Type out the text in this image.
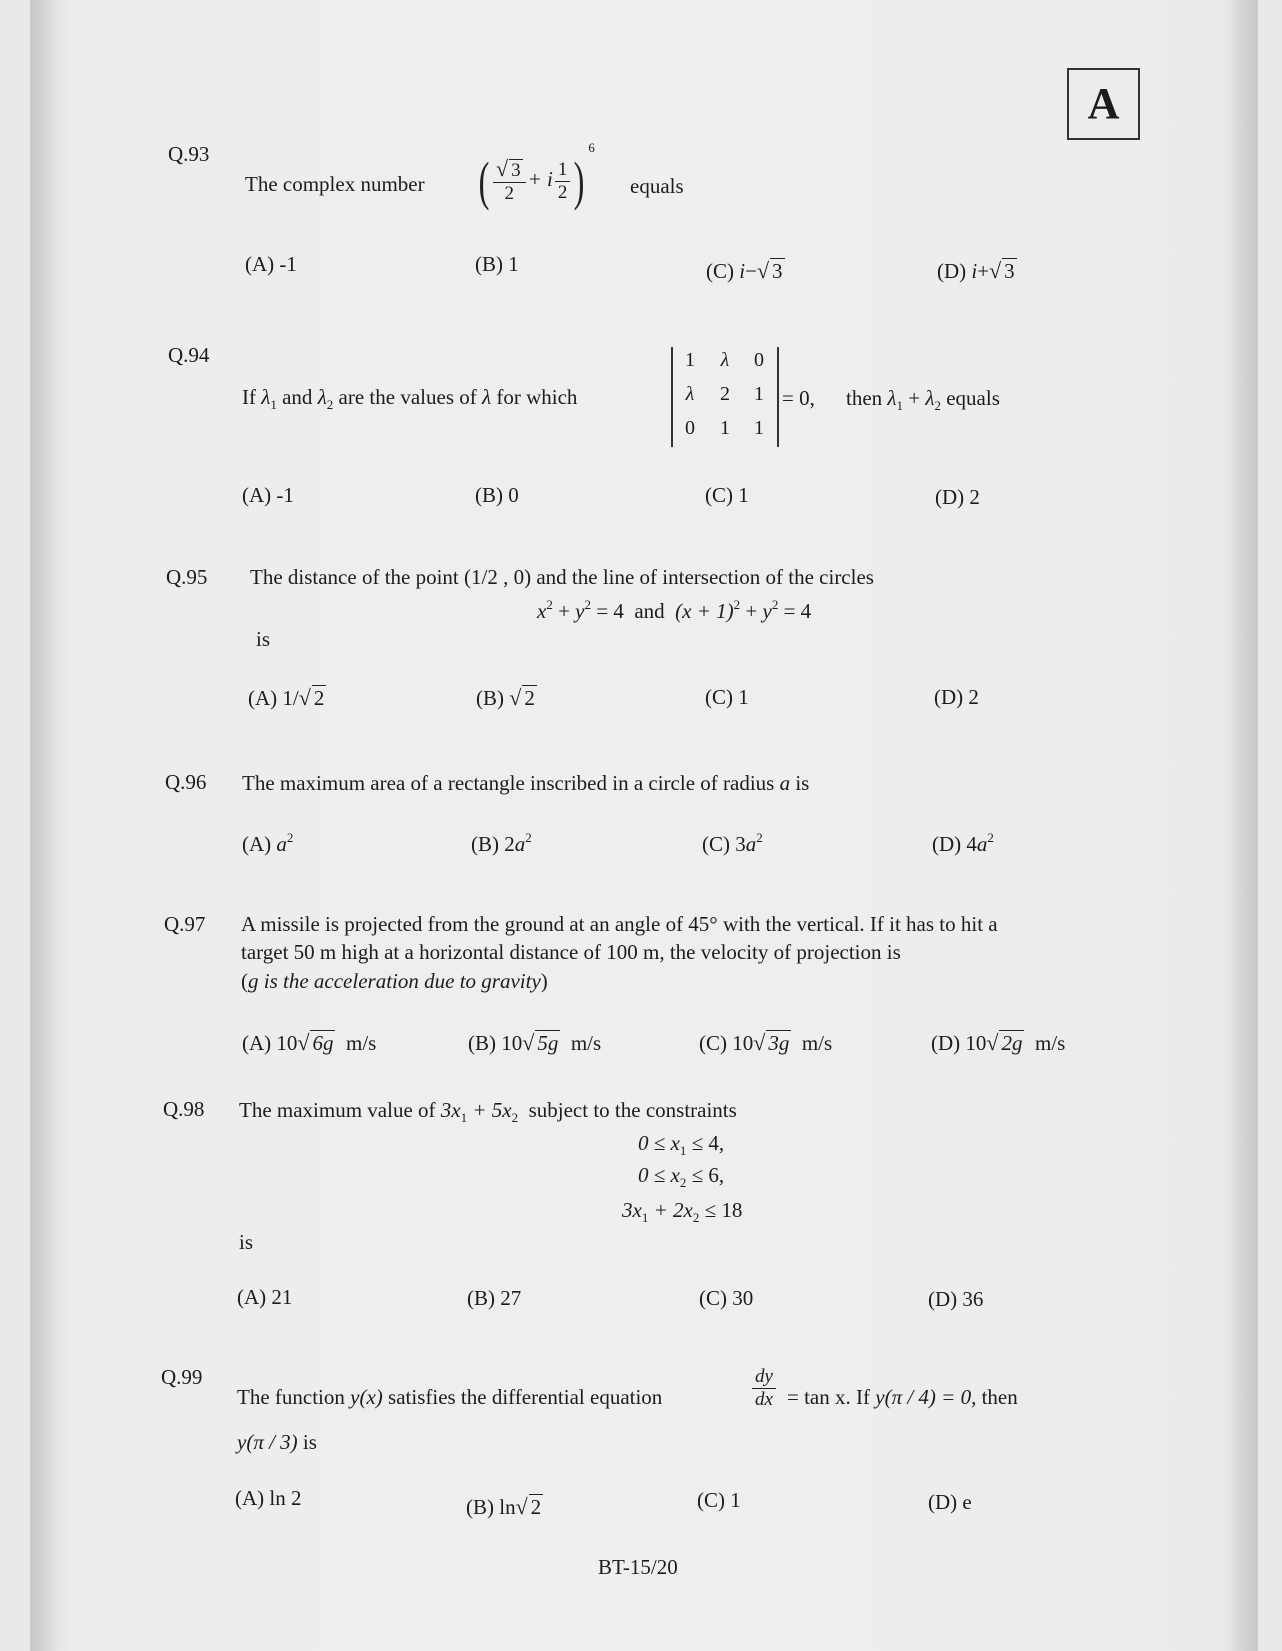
A
Q.93
The complex number ( $\frac{√ 3}{2} + i \frac{1}{2} )^6$
equals
(A) -1	(B) 1	(C) i−√ 3	(D) i+√ 3
Q.94
If $\lambda_1$ and $\lambda_2$ are the values of λ for which
1	λ	0
λ	2	1
0	1	1
= 0, then $\lambda_1 + \lambda_2$ equals
(A) -1	(B) 0	(C) 1	(D) 2
Q.95 The distance of the point (1/2 , 0) and the line of intersection of the circles
$x^2 + y^2 = 4$ and $(x + 1)^2 + y^2 = 4$
is
(A) 1/√ 2	(B) √ 2	(C) 1	(D) 2
Q.96 The maximum area of a rectangle inscribed in a circle of radius a is
(A) $a^2$	(B) $2a^2$	(C) $3a^2$	(D) $4a^2$
Q.97 A missile is projected from the ground at an angle of 45° with the vertical. If it has to hit a
target 50 m high at a horizontal distance of 100 m, the velocity of projection is
(g is the acceleration due to gravity)
(A) 10√ 6g m/s	(B) 10√ 5g m/s	(C) 10√ 3g m/s	(D) 10√ 2g m/s
Q.98 The maximum value of $3x_1 + 5x_2$ subject to the constraints
$0 \le x_1 \le 4$,
$0 \le x_2 \le 6$,
$3x_1 + 2x_2 \le 18$
is
(A) 21	(B) 27	(C) 30	(D) 36
Q.99
The function y(x) satisfies the differential equation	$\frac{dy}{dx} = \tan x$. If y(π / 4) = 0, then
y(π / 3) is
(A) ln 2	(B) ln√ 2	(C) 1	(D) e
BT-15/20
